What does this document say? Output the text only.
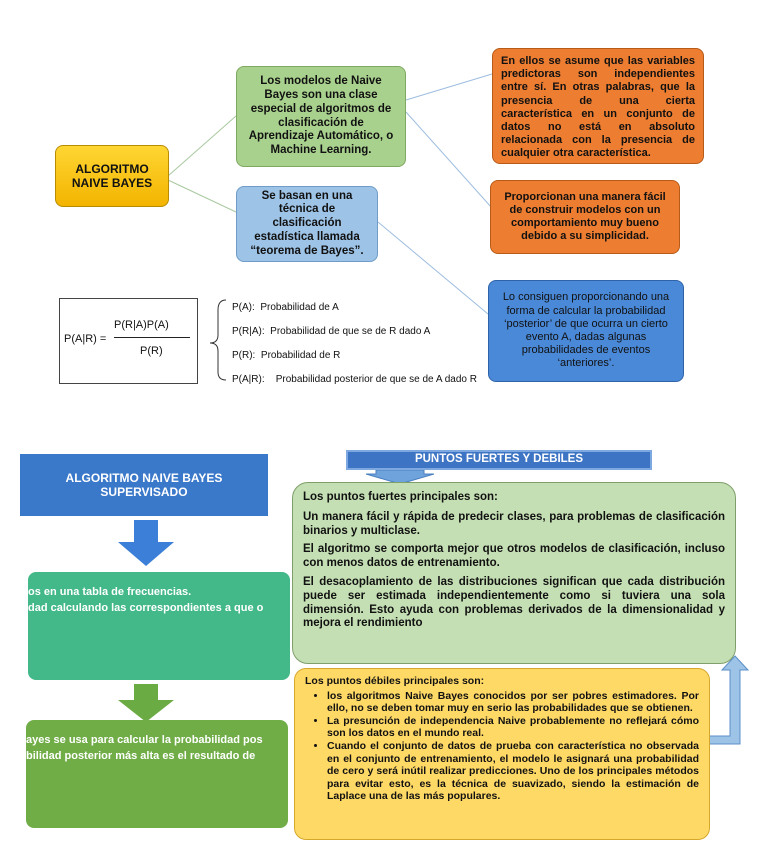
ALGORITMO NAIVE BAYES
Los modelos de Naive Bayes son una clase especial de algoritmos de clasificación de Aprendizaje Automático, o Machine Learning.
Se basan en una técnica de clasificación estadística llamada “teorema de Bayes”.
En ellos se asume que las variables predictoras son independientes entre sí. En otras palabras, que la presencia de una cierta característica en un conjunto de datos no está en absoluto relacionada con la presencia de cualquier otra característica.
Proporcionan una manera fácil de construir modelos con un comportamiento muy bueno debido a su simplicidad.
Lo consiguen proporcionando una forma de calcular la probabilidad ‘posterior’ de que ocurra un cierto evento A, dadas algunas probabilidades de eventos ‘anteriores’.
P(A|R) =
P(R|A)P(A)
P(R)
P(A): Probabilidad de A
P(R|A): Probabilidad de que se de R dado A
P(R): Probabilidad de R
P(A|R): Probabilidad posterior de que se de A dado R
ALGORITMO NAIVE BAYES SUPERVISADO
os en una tabla de frecuencias.
dad calculando las correspondientes a que o
ayes se usa para calcular la probabilidad pos
bilidad posterior más alta es el resultado de
PUNTOS FUERTES Y DEBILES
Los puntos fuertes principales son:
Un manera fácil y rápida de predecir clases, para problemas de clasificación binarios y multiclase.
El algoritmo se comporta mejor que otros modelos de clasificación, incluso con menos datos de entrenamiento.
El desacoplamiento de las distribuciones significan que cada distribución puede ser estimada independientemente como si tuviera una sola dimensión. Esto ayuda con problemas derivados de la dimensionalidad y mejora el rendimiento
Los puntos débiles principales son:
• los algoritmos Naive Bayes conocidos por ser pobres estimadores. Por ello, no se deben tomar muy en serio las probabilidades que se obtienen.
• La presunción de independencia Naive probablemente no reflejará cómo son los datos en el mundo real.
• Cuando el conjunto de datos de prueba con característica no observada en el conjunto de entrenamiento, el modelo le asignará una probabilidad de cero y será inútil realizar predicciones. Uno de los principales métodos para evitar esto, es la técnica de suavizado, siendo la estimación de Laplace una de las más populares.
